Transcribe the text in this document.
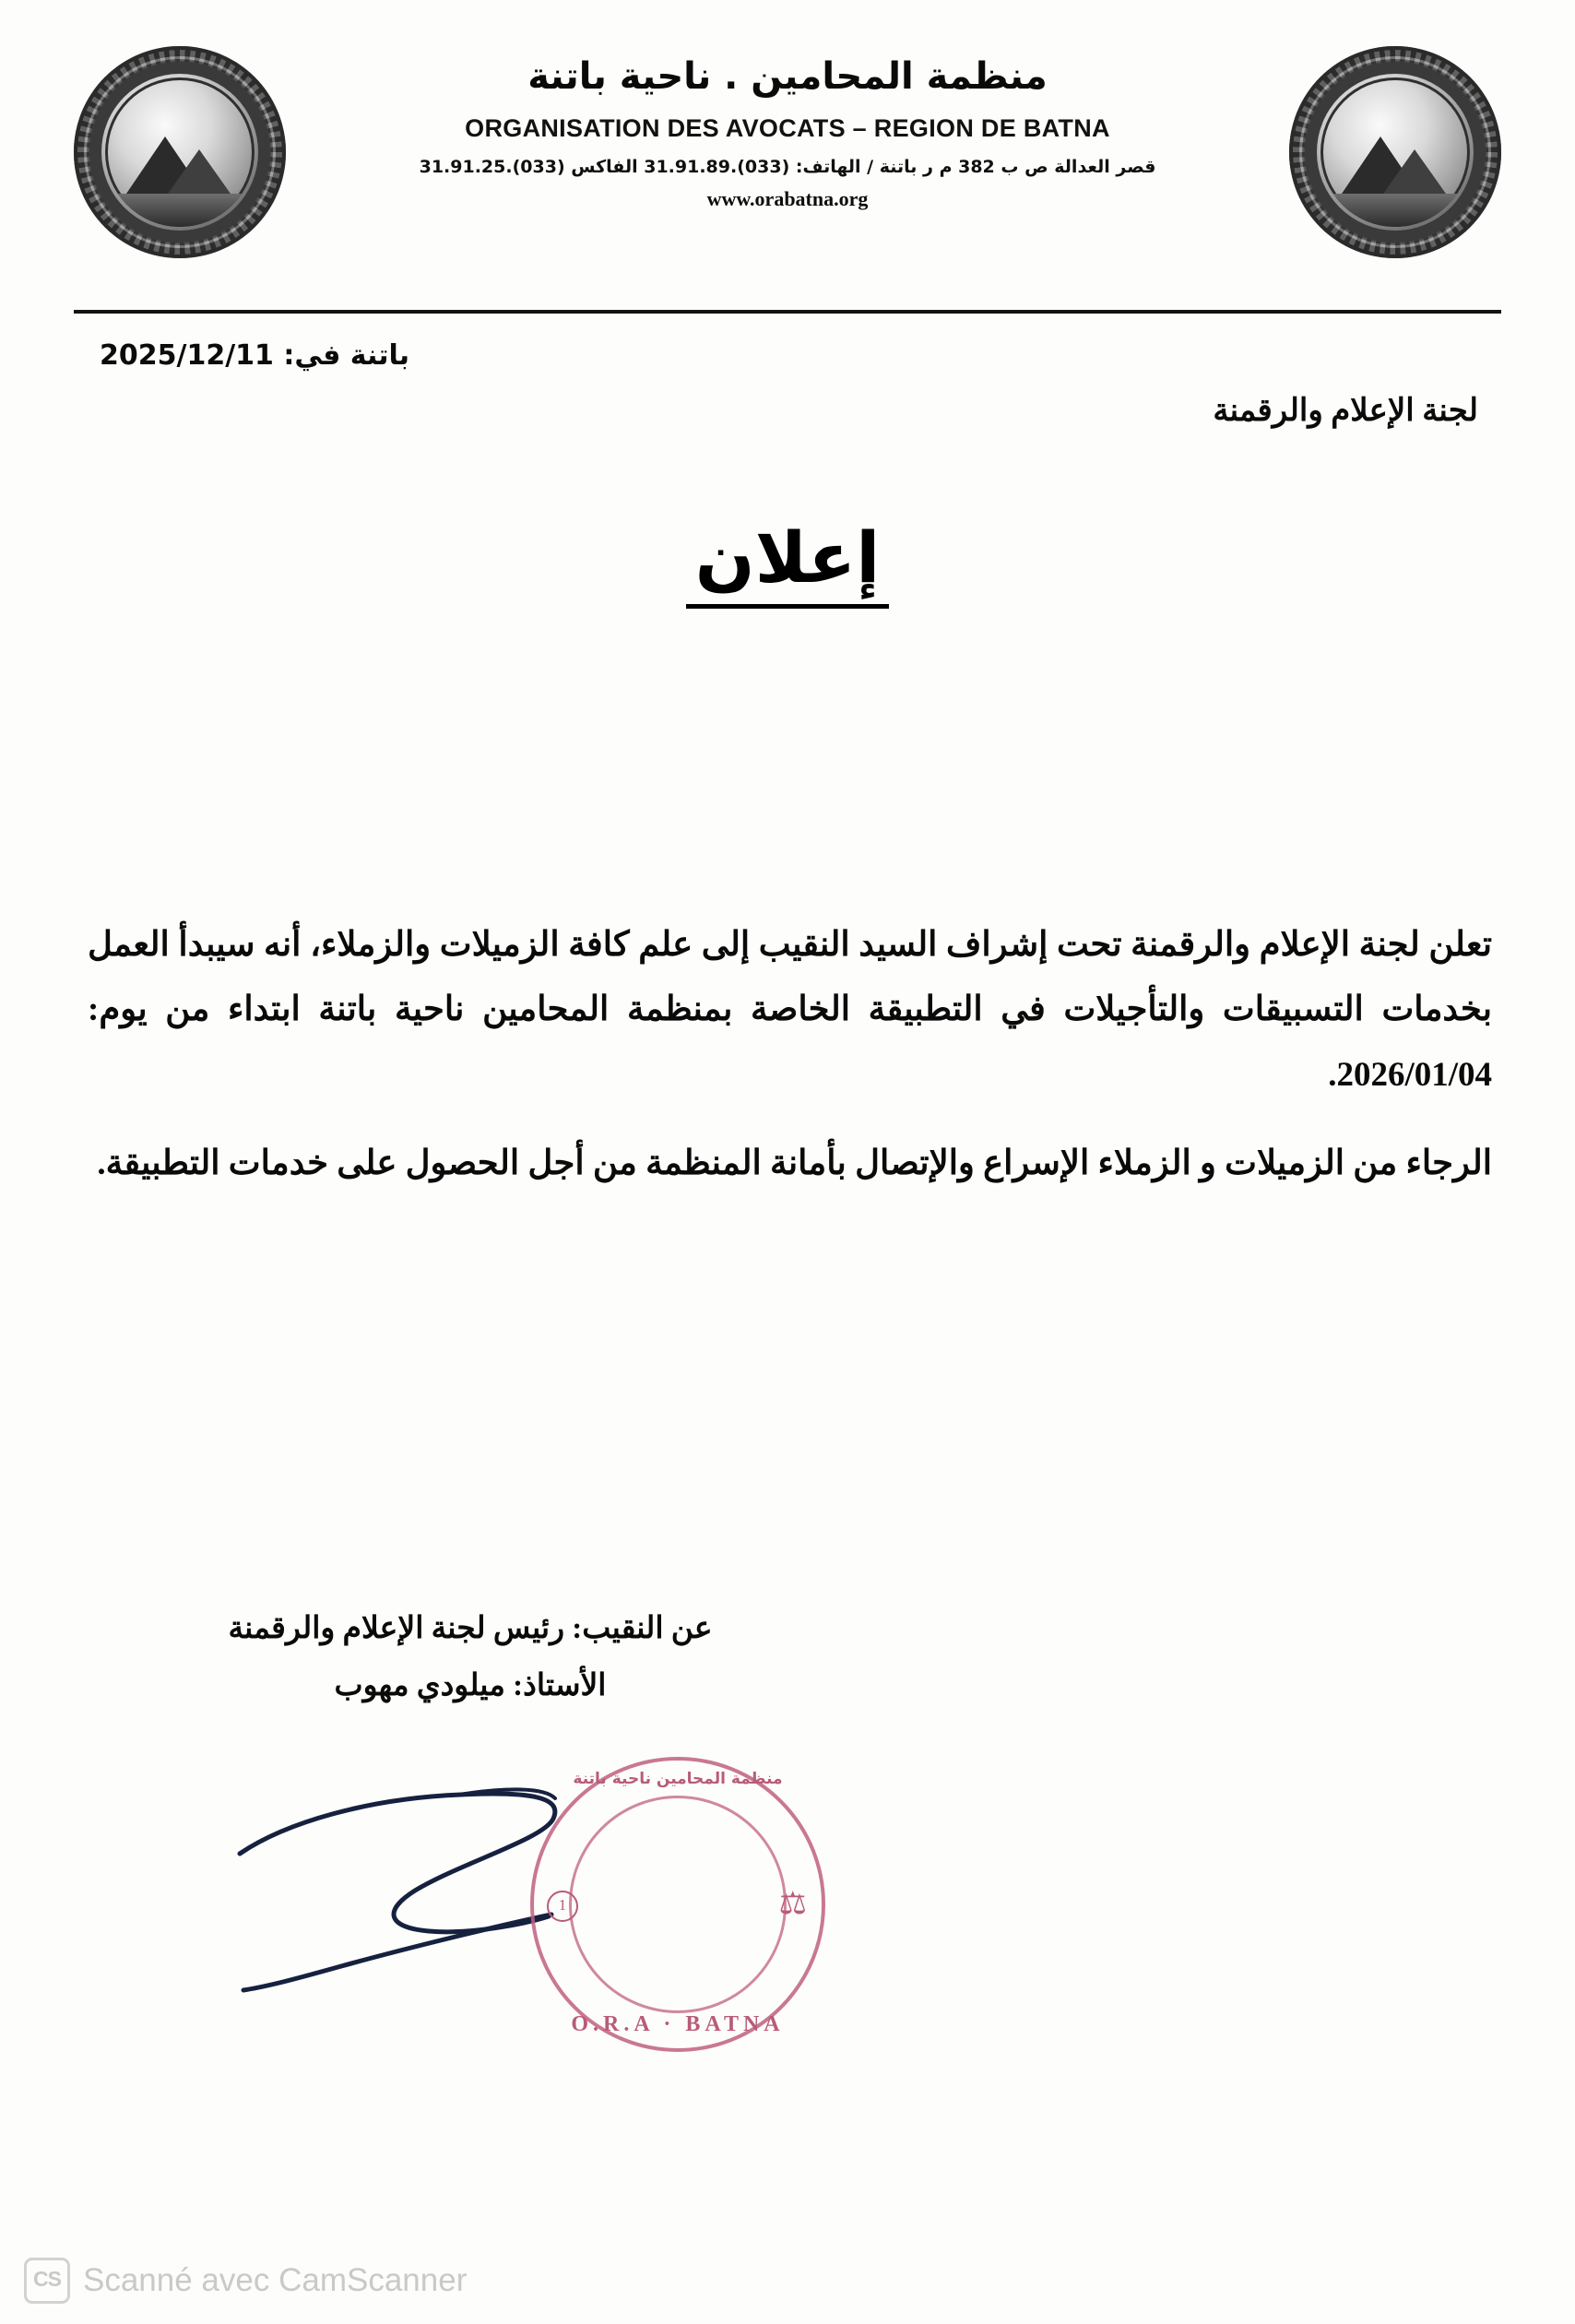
منظمة المحامين . ناحية باتنة
ORGANISATION DES AVOCATS – REGION DE BATNA
قصر العدالة ص ب 382 م ر باتنة / الهاتف: (033).31.91.89 الفاكس (033).31.91.25
www.orabatna.org
باتنة في: 2025/12/11
لجنة الإعلام والرقمنة
إعلان

تعلن لجنة الإعلام والرقمنة تحت إشراف السيد النقيب إلى علم كافة الزميلات والزملاء، أنه سيبدأ العمل بخدمات التسبيقات والتأجيلات في التطبيقة الخاصة بمنظمة المحامين ناحية باتنة ابتداء من يوم: 2026/01/04.

الرجاء من الزميلات و الزملاء الإسراع والإتصال بأمانة المنظمة من أجل الحصول على خدمات التطبيقة.

عن النقيب: رئيس لجنة الإعلام والرقمنة
الأستاذ: ميلودي مهوب
منظمة المحامين ناحية باتنة
1	⚖
O.R.A · BATNA
CS Scanné avec CamScanner
